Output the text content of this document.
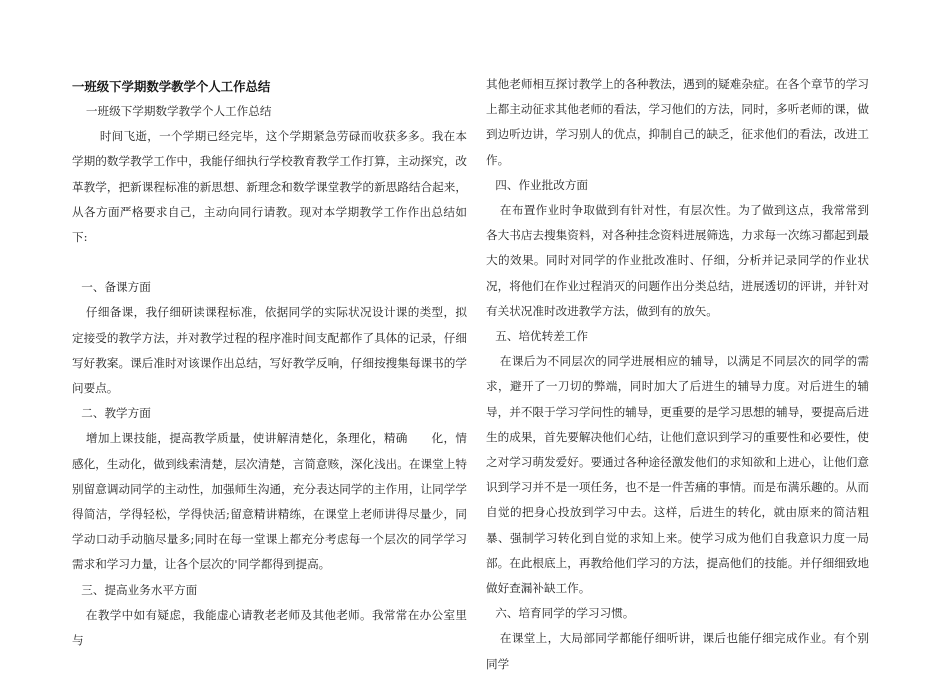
一班级下学期数学教学个人工作总结

一班级下学期数学教学个人工作总结

时间飞逝，一个学期已经完毕，这个学期紧急劳碌而收获多多。我在本学期的数学教学工作中，我能仔细执行学校教育教学工作打算，主动探究，改革教学，把新课程标准的新思想、新理念和数学课堂教学的新思路结合起来，从各方面严格要求自己，主动向同行请教。现对本学期教学工作作出总结如下:

一、备课方面

仔细备课，我仔细研读课程标准，依据同学的实际状况设计课的类型，拟定接受的教学方法，并对教学过程的程序准时间支配都作了具体的记录，仔细写好教案。课后准时对该课作出总结，写好教学反响，仔细按搜集每课书的学问要点。

二、教学方面

增加上课技能，提高教学质量，使讲解清楚化，条理化，精确　　化，情感化，生动化，做到线索清楚，层次清楚，言简意赅，深化浅出。在课堂上特别留意调动同学的主动性，加强师生沟通，充分表达同学的主作用，让同学学得简洁，学得轻松，学得快活;留意精讲精练，在课堂上老师讲得尽量少，同学动口动手动脑尽量多;同时在每一堂课上都充分考虑每一个层次的同学学习需求和学习力量，让各个层次的'同学都得到提高。

三、提高业务水平方面

在教学中如有疑虑，我能虚心请教老老师及其他老师。我常常在办公室里与

其他老师相互探讨教学上的各种教法，遇到的疑难杂症。在各个章节的学习上都主动征求其他老师的看法，学习他们的方法，同时，多听老师的课，做到边听边讲，学习别人的优点，抑制自己的缺乏，征求他们的看法，改进工作。

四、作业批改方面

在布置作业时争取做到有针对性，有层次性。为了做到这点，我常常到各大书店去搜集资料，对各种挂念资料进展筛选，力求每一次练习都起到最大的效果。同时对同学的作业批改准时、仔细，分析并记录同学的作业状况，将他们在作业过程消灭的问题作出分类总结，进展透切的评讲，并针对有关状况准时改进教学方法，做到有的放矢。

五、培优转差工作

在课后为不同层次的同学进展相应的辅导，以满足不同层次的同学的需求，避开了一刀切的弊端，同时加大了后进生的辅导力度。对后进生的辅导，并不限于学习学问性的辅导，更重要的是学习思想的辅导，要提高后进生的成果，首先要解决他们心结，让他们意识到学习的重要性和必要性，使之对学习萌发爱好。要通过各种途径激发他们的求知欲和上进心，让他们意识到学习并不是一项任务，也不是一件苦痛的事情。而是布满乐趣的。从而自觉的把身心投放到学习中去。这样，后进生的转化，就由原来的简洁粗暴、强制学习转化到自觉的求知上来。使学习成为他们自我意识力度一局部。在此根底上，再教给他们学习的方法，提高他们的技能。并仔细细致地做好查漏补缺工作。

六、培育同学的学习习惯。

在课堂上，大局部同学都能仔细听讲，课后也能仔细完成作业。有个别同学
